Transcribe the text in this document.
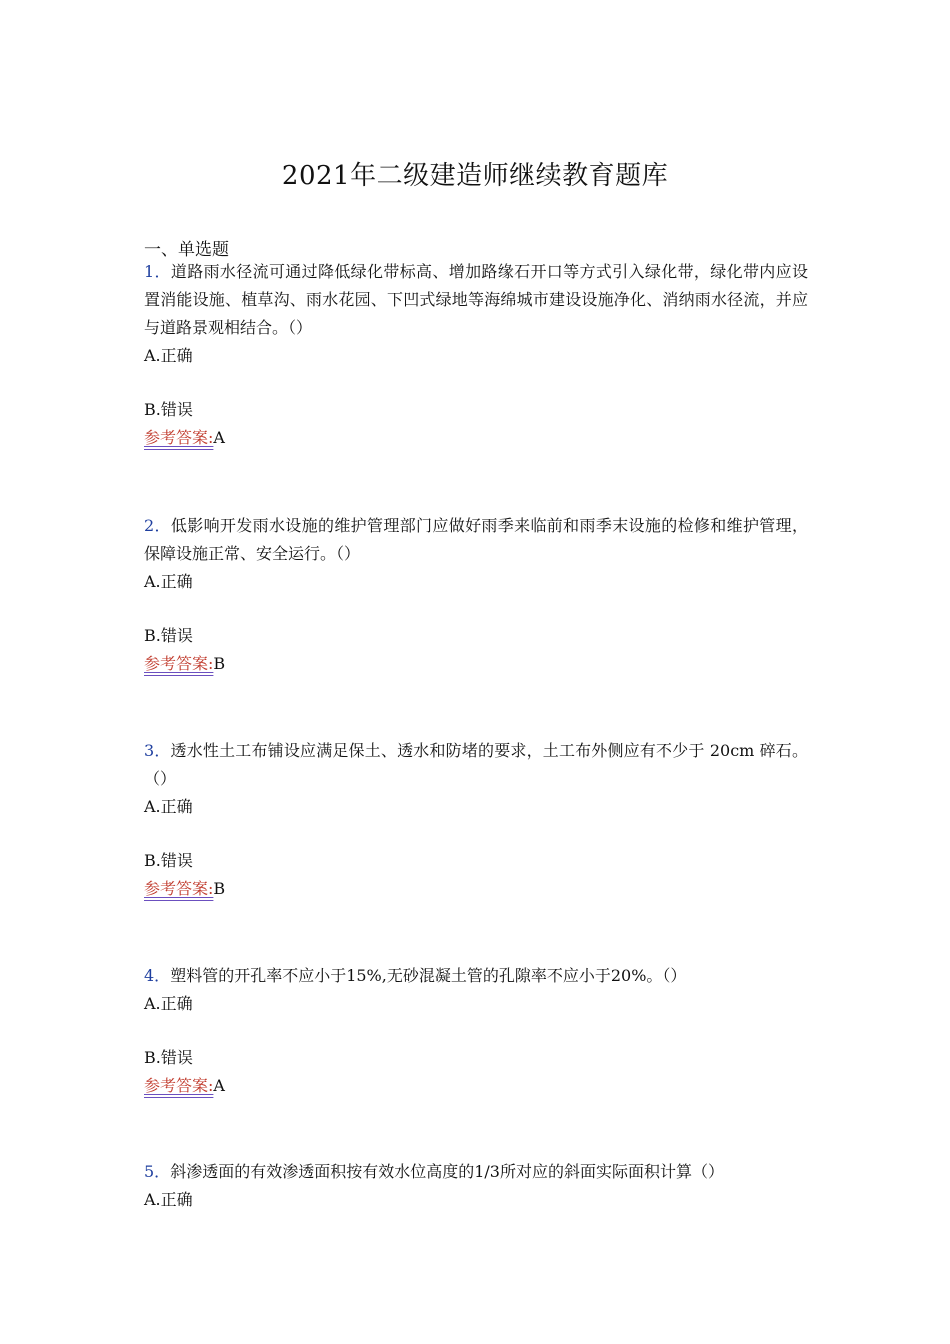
2021年二级建造师继续教育题库
一、单选题
1．道路雨水径流可通过降低绿化带标高、增加路缘石开口等方式引入绿化带，绿化带内应设置消能设施、植草沟、雨水花园、下凹式绿地等海绵城市建设设施净化、消纳雨水径流，并应与道路景观相结合。（）
A.正确
B.错误
参考答案:A
2．低影响开发雨水设施的维护管理部门应做好雨季来临前和雨季末设施的检修和维护管理，保障设施正常、安全运行。（）
A.正确
B.错误
参考答案:B
3．透水性土工布铺设应满足保土、透水和防堵的要求，土工布外侧应有不少于 20cm 碎石。（）
A.正确
B.错误
参考答案:B
4．塑料管的开孔率不应小于15%,无砂混凝土管的孔隙率不应小于20%。（）
A.正确
B.错误
参考答案:A
5．斜渗透面的有效渗透面积按有效水位高度的1/3所对应的斜面实际面积计算（）
A.正确
